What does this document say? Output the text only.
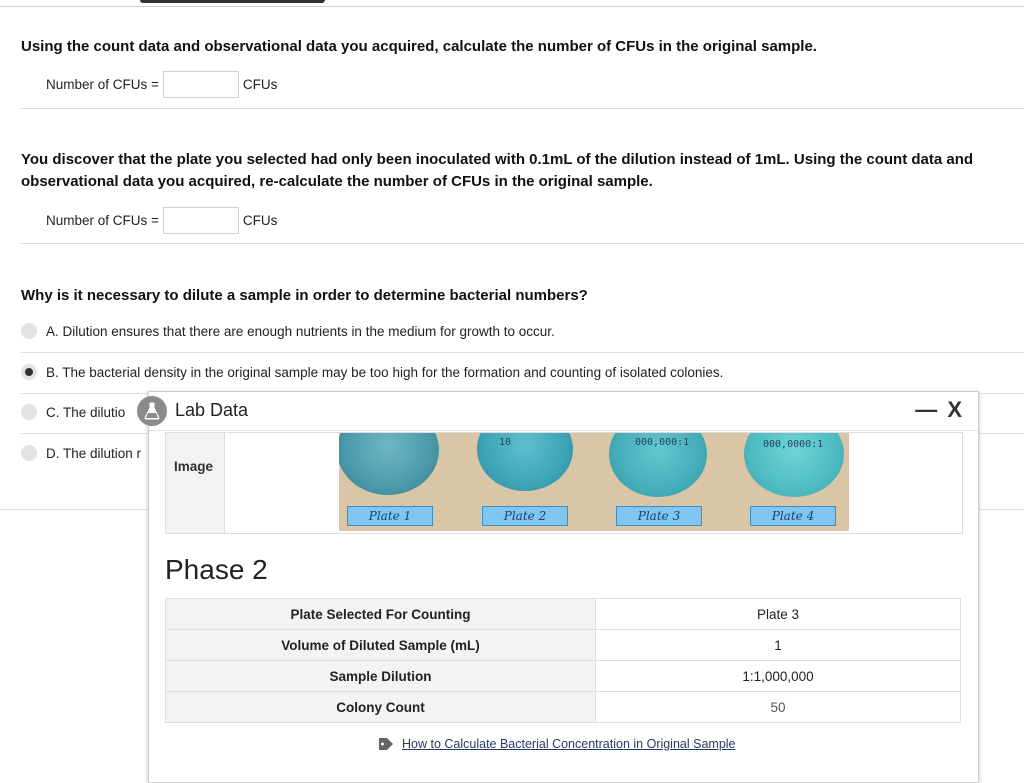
Using the count data and observational data you acquired, calculate the number of CFUs in the original sample.
Number of CFUs =	CFUs
You discover that the plate you selected had only been inoculated with 0.1mL of the dilution instead of 1mL. Using the count data and
observational data you acquired, re-calculate the number of CFUs in the original sample.
Number of CFUs =	CFUs
Why is it necessary to dilute a sample in order to determine bacterial numbers?
A. Dilution ensures that there are enough nutrients in the medium for growth to occur.
B. The bacterial density in the original sample may be too high for the formation and counting of isolated colonies.
C. The dilutio
D. The dilution r
Lab Data	— X
Image
10	000,000:1	000,0000:1
Plate 1	Plate 2	Plate 3	Plate 4
Phase 2
Plate Selected For Counting	Plate 3
Volume of Diluted Sample (mL)	1
Sample Dilution	1:1,000,000
Colony Count	50
How to Calculate Bacterial Concentration in Original Sample
